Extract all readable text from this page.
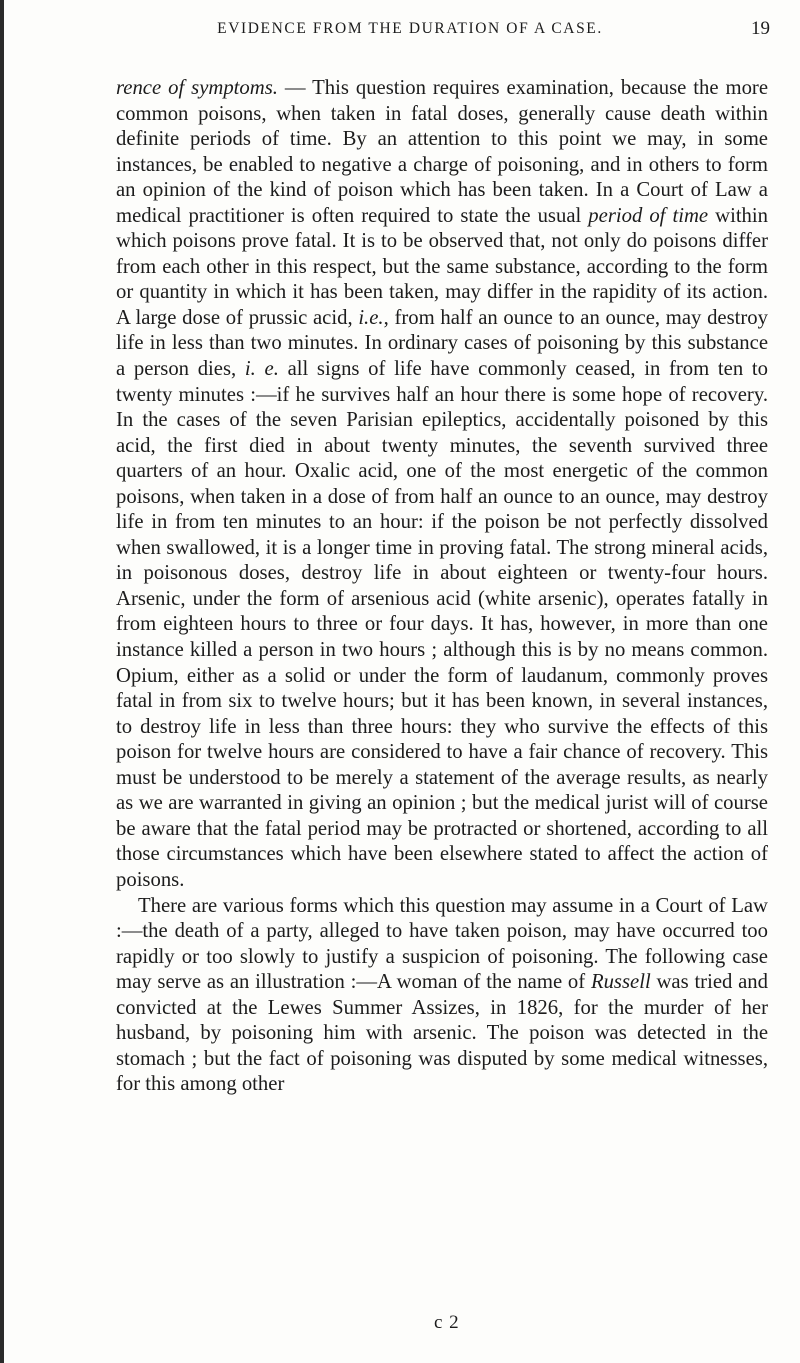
EVIDENCE FROM THE DURATION OF A CASE.	19

rence of symptoms. — This question requires examination, because the more common poisons, when taken in fatal doses, generally cause death within definite periods of time. By an attention to this point we may, in some instances, be enabled to negative a charge of poisoning, and in others to form an opinion of the kind of poison which has been taken. In a Court of Law a medical practitioner is often required to state the usual period of time within which poisons prove fatal. It is to be observed that, not only do poisons differ from each other in this respect, but the same substance, according to the form or quantity in which it has been taken, may differ in the rapidity of its action. A large dose of prussic acid, i.e., from half an ounce to an ounce, may destroy life in less than two minutes. In ordinary cases of poisoning by this substance a person dies, i. e. all signs of life have commonly ceased, in from ten to twenty minutes :—if he survives half an hour there is some hope of recovery. In the cases of the seven Parisian epileptics, accidentally poisoned by this acid, the first died in about twenty minutes, the seventh survived three quarters of an hour. Oxalic acid, one of the most energetic of the common poisons, when taken in a dose of from half an ounce to an ounce, may destroy life in from ten minutes to an hour: if the poison be not perfectly dissolved when swallowed, it is a longer time in proving fatal. The strong mineral acids, in poisonous doses, destroy life in about eighteen or twenty-four hours. Arsenic, under the form of arsenious acid (white arsenic), operates fatally in from eighteen hours to three or four days. It has, however, in more than one instance killed a person in two hours ; although this is by no means common. Opium, either as a solid or under the form of laudanum, commonly proves fatal in from six to twelve hours; but it has been known, in several instances, to destroy life in less than three hours: they who survive the effects of this poison for twelve hours are considered to have a fair chance of recovery. This must be understood to be merely a statement of the average results, as nearly as we are warranted in giving an opinion ; but the medical jurist will of course be aware that the fatal period may be protracted or shortened, according to all those circumstances which have been elsewhere stated to affect the action of poisons.

There are various forms which this question may assume in a Court of Law :—the death of a party, alleged to have taken poison, may have occurred too rapidly or too slowly to justify a suspicion of poisoning. The following case may serve as an illustration :—A woman of the name of Russell was tried and convicted at the Lewes Summer Assizes, in 1826, for the murder of her husband, by poisoning him with arsenic. The poison was detected in the stomach ; but the fact of poisoning was disputed by some medical witnesses, for this among other

c 2
